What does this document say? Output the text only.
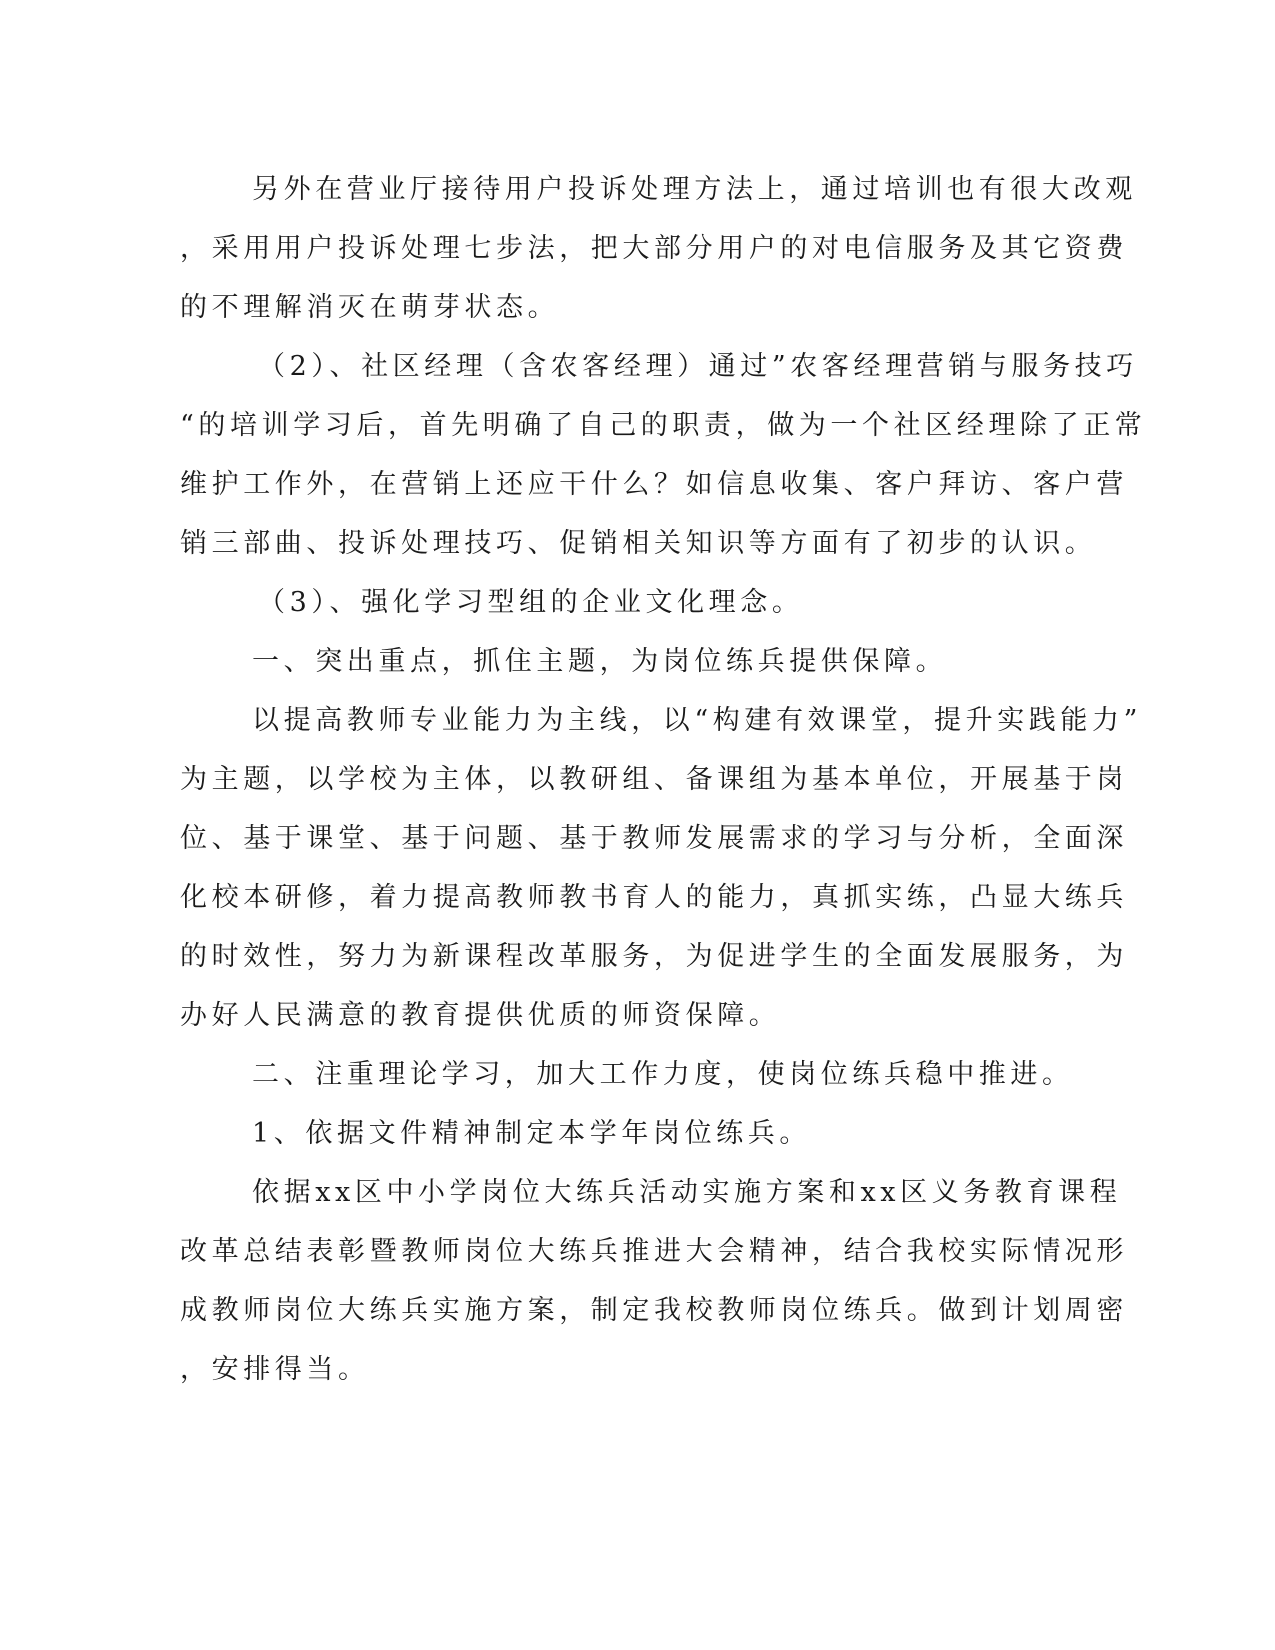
另外在营业厅接待用户投诉处理方法上，通过培训也有很大改观
，采用用户投诉处理七步法，把大部分用户的对电信服务及其它资费
的不理解消灭在萌芽状态。
（2）、社区经理（含农客经理）通过”农客经理营销与服务技巧
“的培训学习后，首先明确了自己的职责，做为一个社区经理除了正常
维护工作外，在营销上还应干什么？如信息收集、客户拜访、客户营
销三部曲、投诉处理技巧、促销相关知识等方面有了初步的认识。
（3）、强化学习型组的企业文化理念。
一、突出重点，抓住主题，为岗位练兵提供保障。
以提高教师专业能力为主线，以“构建有效课堂，提升实践能力”
为主题，以学校为主体，以教研组、备课组为基本单位，开展基于岗
位、基于课堂、基于问题、基于教师发展需求的学习与分析，全面深
化校本研修，着力提高教师教书育人的能力，真抓实练，凸显大练兵
的时效性，努力为新课程改革服务，为促进学生的全面发展服务，为
办好人民满意的教育提供优质的师资保障。
二、注重理论学习，加大工作力度，使岗位练兵稳中推进。
1、依据文件精神制定本学年岗位练兵。
依据xx区中小学岗位大练兵活动实施方案和xx区义务教育课程
改革总结表彰暨教师岗位大练兵推进大会精神，结合我校实际情况形
成教师岗位大练兵实施方案，制定我校教师岗位练兵。做到计划周密
，安排得当。
